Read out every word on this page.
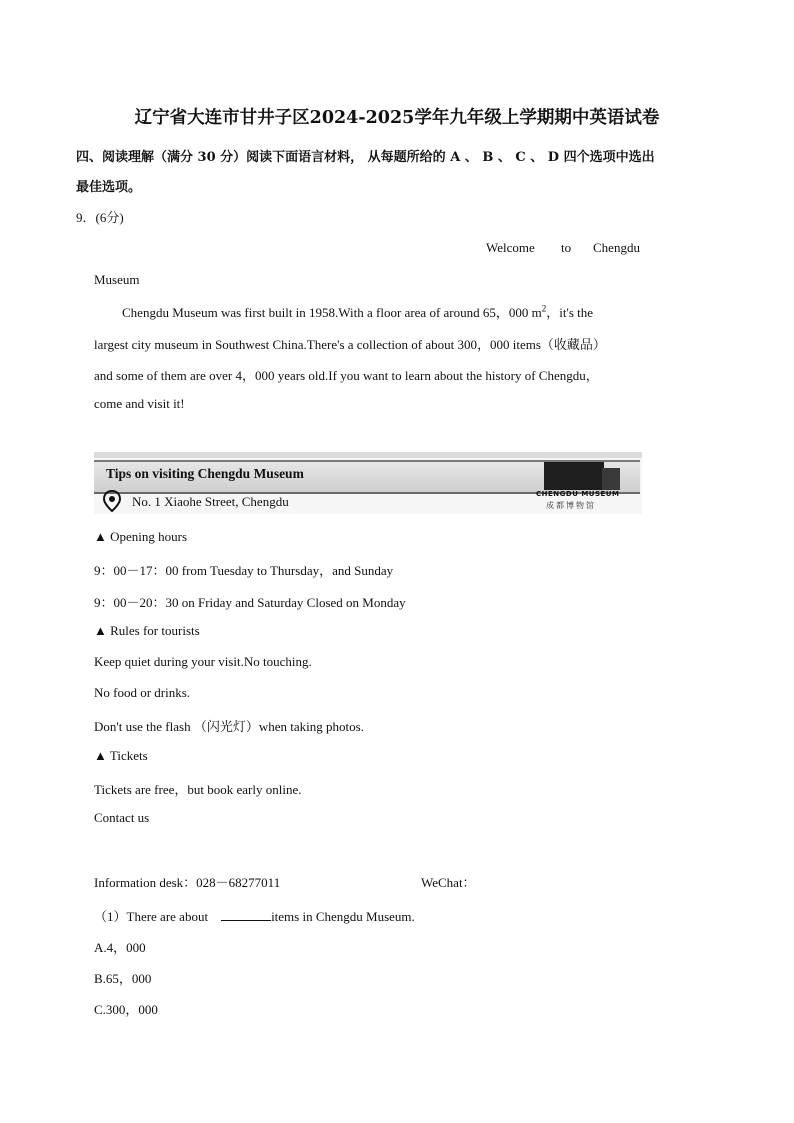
辽宁省大连市甘井子区2024-2025学年九年级上学期期中英语试卷
四、阅读理解（满分 30 分）阅读下面语言材料， 从每题所给的 A 、 B 、 C 、 D 四个选项中选出
最佳选项。
9．(6分)
Welcome to Chengdu
Museum
Chengdu Museum was first built in 1958.With a floor area of around 65，000 $m^2$，it's the
largest city museum in Southwest China.There's a collection of about 300，000 items（收藏品）
and some of them are over 4，000 years old.If you want to learn about the history of Chengdu，
come and visit it!
Tips on visiting Chengdu Museum
No. 1 Xiaohe Street, Chengdu	CHENGDU MUSEUM
成都博物馆
▲ Opening hours
9：00－17：00 from Tuesday to Thursday，and Sunday
9：00－20：30 on Friday and Saturday Closed on Monday
▲ Rules for tourists
Keep quiet during your visit.No touching.
No food or drinks.
Don't use the flash （闪光灯）when taking photos.
▲ Tickets
Tickets are free，but book early online.
Contact us
Information desk：028－68277011	WeChat：
（1）There are about	items in Chengdu Museum.
A.4，000
B.65，000
C.300，000
